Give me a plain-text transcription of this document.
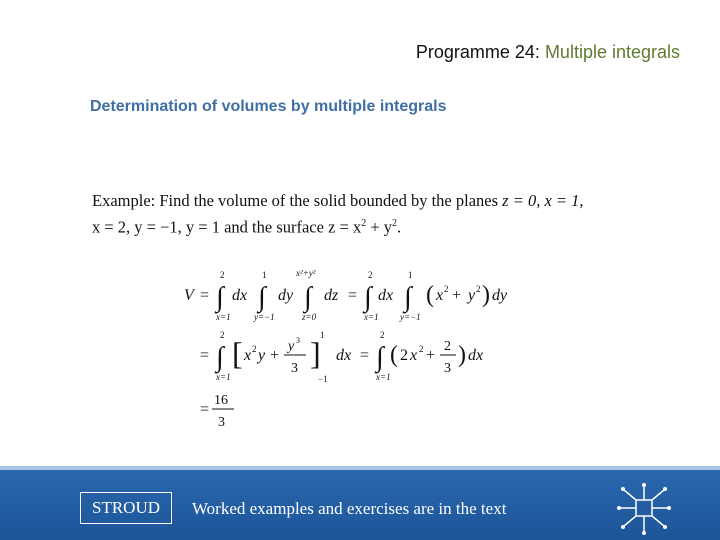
Programme 24: Multiple integrals
Determination of volumes by multiple integrals
Example: Find the volume of the solid bounded by the planes z = 0, x = 1,
x = 2, y = −1, y = 1 and the surface $z = x^2 + y^2$.
V = ∫
2
x=1
dx ∫
1
y=−1
dy ∫
x²+y²
z=0
dz = ∫
2
x=1
dx ∫
1
y=−1
( x 2 + y 2 ) dy
= ∫
2
x=1
[ x 2 y +
y 3
3 ] 1
−1
dx = ∫
2
x=1
( 2 x 2 +
2
3
) dx
=
16
3
STROUD	Worked examples and exercises are in the text
